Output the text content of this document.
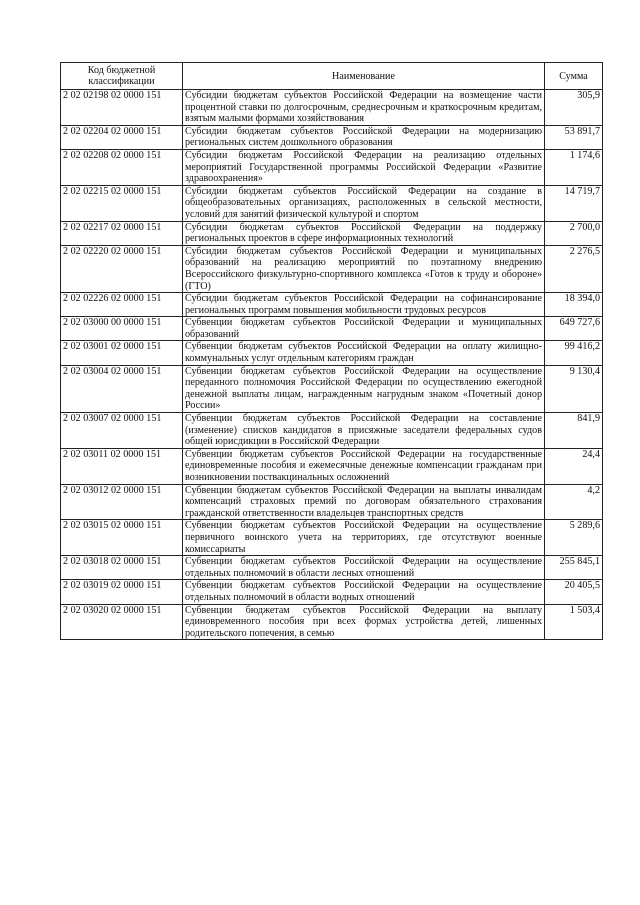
Код бюджетной классификации	Наименование	Сумма
2 02 02198 02 0000 151	Субсидии бюджетам субъектов Российской Федерации на возмещение части процентной ставки по долгосрочным, среднесрочным и краткосрочным кредитам, взятым малыми формами хозяйствования	305,9
2 02 02204 02 0000 151	Субсидии бюджетам субъектов Российской Федерации на модернизацию региональных систем дошкольного образования	53 891,7
2 02 02208 02 0000 151	Субсидии бюджетам Российской Федерации на реализацию отдельных мероприятий Государственной программы Российской Федерации «Развитие здравоохранения»	1 174,6
2 02 02215 02 0000 151	Субсидии бюджетам субъектов Российской Федерации на создание в общеобразовательных организациях, расположенных в сельской местности, условий для занятий физической культурой и спортом	14 719,7
2 02 02217 02 0000 151	Субсидии бюджетам субъектов Российской Федерации на поддержку региональных проектов в сфере информационных технологий	2 700,0
2 02 02220 02 0000 151	Субсидии бюджетам субъектов Российской Федерации и муниципальных образований на реализацию мероприятий по поэтапному внедрению Всероссийского физкультурно-спортивного комплекса «Готов к труду и обороне» (ГТО)	2 276,5
2 02 02226 02 0000 151	Субсидии бюджетам субъектов Российской Федерации на софинансирование региональных программ повышения мобильности трудовых ресурсов	18 394,0
2 02 03000 00 0000 151	Субвенции бюджетам субъектов Российской Федерации и муниципальных образований	649 727,6
2 02 03001 02 0000 151	Субвенции бюджетам субъектов Российской Федерации на оплату жилищно-коммунальных услуг отдельным категориям граждан	99 416,2
2 02 03004 02 0000 151	Субвенции бюджетам субъектов Российской Федерации на осуществление переданного полномочия Российской Федерации по осуществлению ежегодной денежной выплаты лицам, награжденным нагрудным знаком «Почетный донор России»	9 130,4
2 02 03007 02 0000 151	Субвенции бюджетам субъектов Российской Федерации на составление (изменение) списков кандидатов в присяжные заседатели федеральных судов общей юрисдикции в Российской Федерации	841,9
2 02 03011 02 0000 151	Субвенции бюджетам субъектов Российской Федерации на государственные единовременные пособия и ежемесячные денежные компенсации гражданам при возникновении поствакцинальных осложнений	24,4
2 02 03012 02 0000 151	Субвенции бюджетам субъектов Российской Федерации на выплаты инвалидам компенсаций страховых премий по договорам обязательного страхования гражданской ответственности владельцев транспортных средств	4,2
2 02 03015 02 0000 151	Субвенции бюджетам субъектов Российской Федерации на осуществление первичного воинского учета на территориях, где отсутствуют военные комиссариаты	5 289,6
2 02 03018 02 0000 151	Субвенции бюджетам субъектов Российской Федерации на осуществление отдельных полномочий в области лесных отношений	255 845,1
2 02 03019 02 0000 151	Субвенции бюджетам субъектов Российской Федерации на осуществление отдельных полномочий в области водных отношений	20 405,5
2 02 03020 02 0000 151	Субвенции бюджетам субъектов Российской Федерации на выплату единовременного пособия при всех формах устройства детей, лишенных родительского попечения, в семью	1 503,4
